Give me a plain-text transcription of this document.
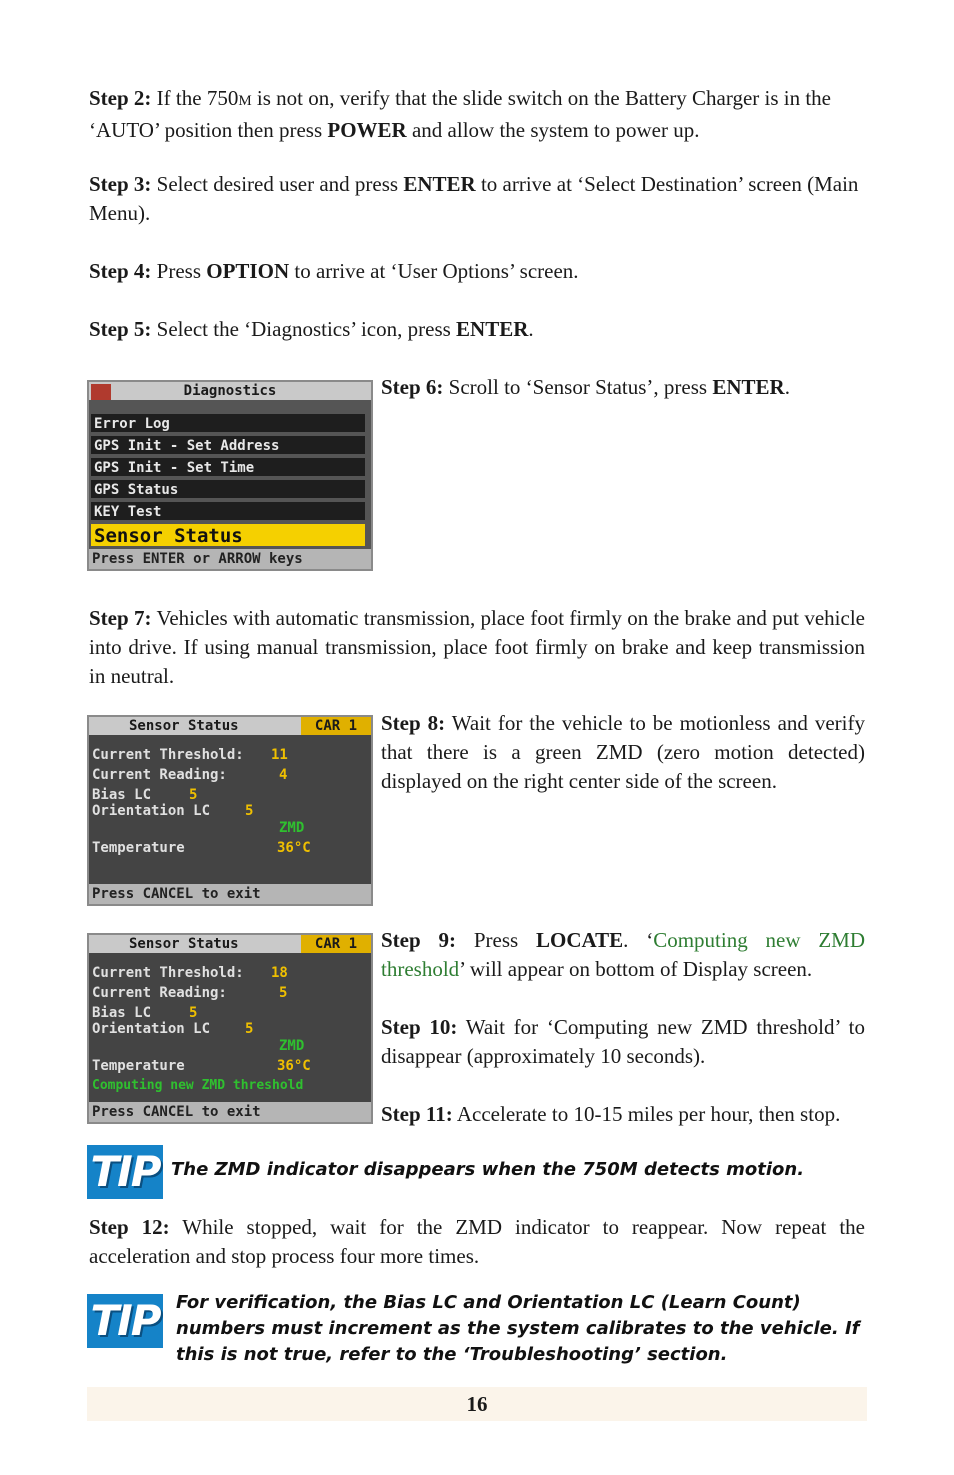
Step 2: If the 750M is not on, verify that the slide switch on the Battery Charger is in the ‘AUTO’ position then press POWER and allow the system to power up.

Step 3: Select desired user and press ENTER to arrive at ‘Select Destination’ screen (Main Menu).

Step 4: Press OPTION to arrive at ‘User Options’ screen.

Step 5: Select the ‘Diagnostics’ icon, press ENTER.

Diagnostics
Error Log
GPS Init - Set Address
GPS Init - Set Time
GPS Status
KEY Test
Sensor Status
Press ENTER or ARROW keys

Step 6: Scroll to ‘Sensor Status’, press ENTER.

Step 7: Vehicles with automatic transmission, place foot firmly on the brake and put vehicle into drive. If using manual transmission, place foot firmly on brake and keep transmission in neutral.

Sensor Status	CAR 1
Current Threshold: 11
Current Reading:	4
Bias LC	5
Orientation LC 5
ZMD
Temperature	36°C
Press CANCEL to exit

Step 8: Wait for the vehicle to be motionless and verify that there is a green ZMD (zero motion detected) displayed on the right center side of the screen.

Sensor Status	CAR 1
Current Threshold: 18
Current Reading:	5
Bias LC	5
Orientation LC 5
ZMD
Temperature	36°C
Computing new ZMD threshold
Press CANCEL to exit

Step 9: Press LOCATE. ‘Computing new ZMD threshold’ will appear on bottom of Display screen.

Step 10: Wait for ‘Computing new ZMD threshold’ to disappear (approximately 10 seconds).

Step 11: Accelerate to 10-15 miles per hour, then stop.

TIP The ZMD indicator disappears when the 750M detects motion.

Step 12: While stopped, wait for the ZMD indicator to reappear. Now repeat the acceleration and stop process four more times.

TIP For verification, the Bias LC and Orientation LC (Learn Count) numbers must increment as the system calibrates to the vehicle. If this is not true, refer to the ‘Troubleshooting’ section.
16
